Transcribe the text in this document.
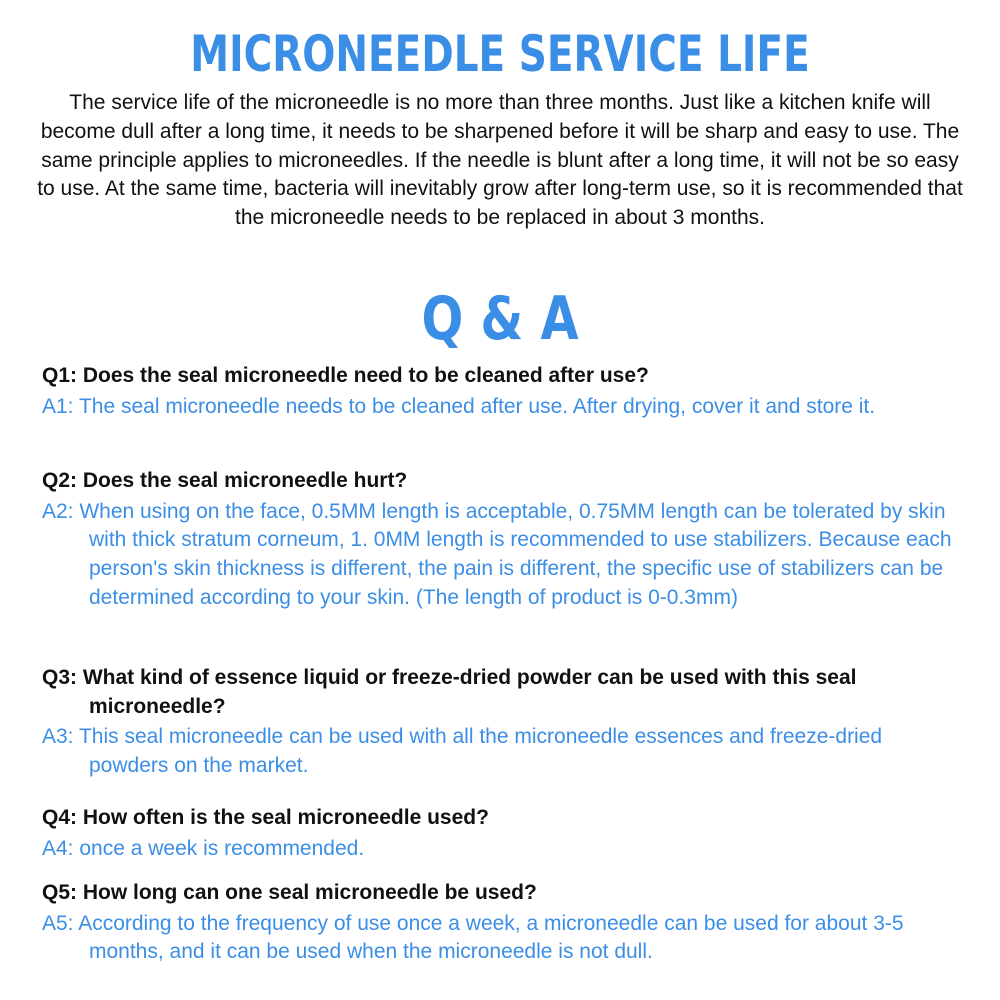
MICRONEEDLE SERVICE LIFE
The service life of the microneedle is no more than three months. Just like a kitchen knife will become dull after a long time, it needs to be sharpened before it will be sharp and easy to use. The same principle applies to microneedles. If the needle is blunt after a long time, it will not be so easy to use. At the same time, bacteria will inevitably grow after long-term use, so it is recommended that the microneedle needs to be replaced in about 3 months.
Q & A
Q1: Does the seal microneedle need to be cleaned after use?
A1: The seal microneedle needs to be cleaned after use. After drying, cover it and store it.
Q2: Does the seal microneedle hurt?
A2: When using on the face, 0.5MM length is acceptable, 0.75MM length can be tolerated by skin with thick stratum corneum, 1. 0MM length is recommended to use stabilizers. Because each person's skin thickness is different, the pain is different, the specific use of stabilizers can be determined according to your skin. (The length of product is 0-0.3mm)
Q3: What kind of essence liquid or freeze-dried powder can be used with this seal microneedle?
A3: This seal microneedle can be used with all the microneedle essences and freeze-dried powders on the market.
Q4: How often is the seal microneedle used?
A4: once a week is recommended.
Q5: How long can one seal microneedle be used?
A5: According to the frequency of use once a week, a microneedle can be used for about 3-5 months, and it can be used when the microneedle is not dull.
